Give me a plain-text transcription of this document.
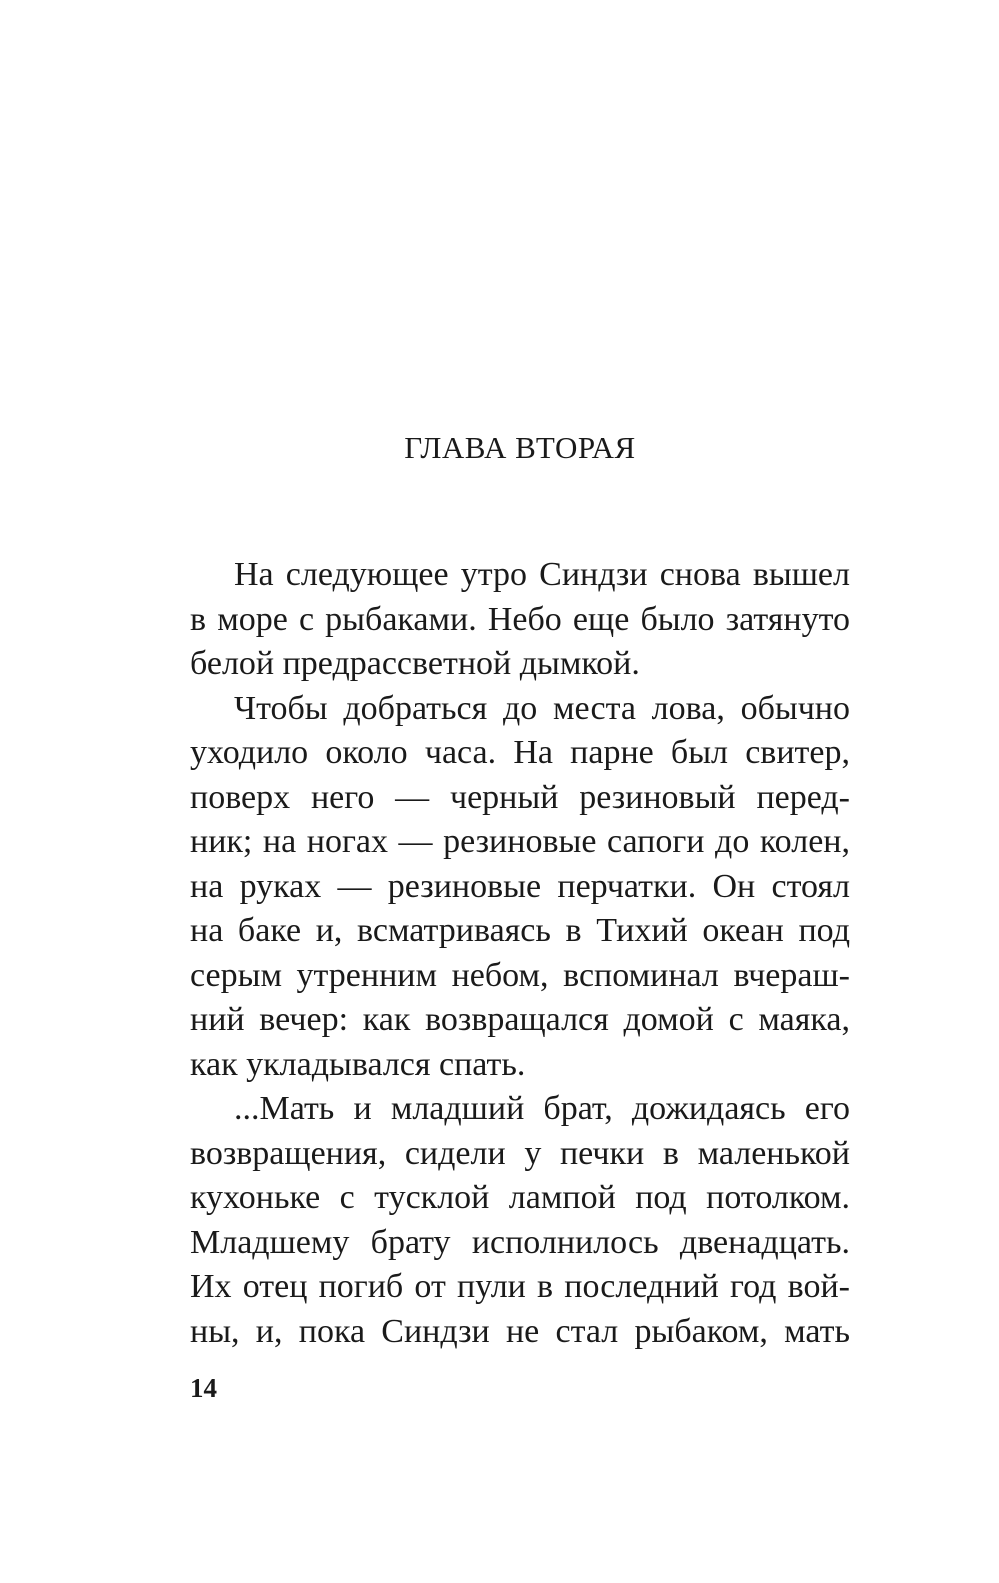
ГЛАВА ВТОРАЯ
На следующее утро Синдзи снова вышел
в море с рыбаками. Небо еще было затянуто
белой предрассветной дымкой.
Чтобы добраться до места лова, обычно
уходило около часа. На парне был свитер,
поверх него — черный резиновый перед-
ник; на ногах — резиновые сапоги до колен,
на руках — резиновые перчатки. Он стоял
на баке и, всматриваясь в Тихий океан под
серым утренним небом, вспоминал вчераш-
ний вечер: как возвращался домой с маяка,
как укладывался спать.
...Мать и младший брат, дожидаясь его
возвращения, сидели у печки в маленькой
кухоньке с тусклой лампой под потолком.
Младшему брату исполнилось двенадцать.
Их отец погиб от пули в последний год вой-
ны, и, пока Синдзи не стал рыбаком, мать
14
